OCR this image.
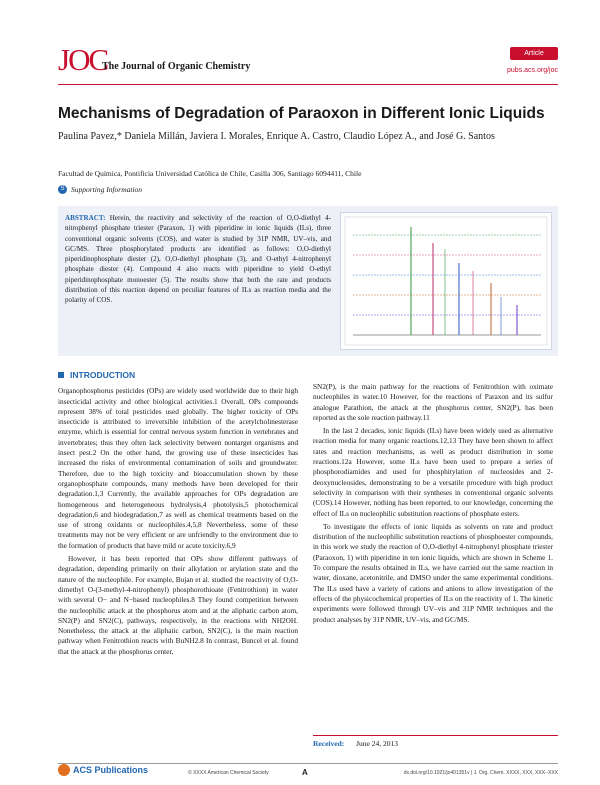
JOC
The Journal of Organic Chemistry
Article
pubs.acs.org/joc
Mechanisms of Degradation of Paraoxon in Different Ionic Liquids
Paulina Pavez,* Daniela Millán, Javiera I. Morales, Enrique A. Castro, Claudio López A., and José G. Santos
Facultad de Química, Pontificia Universidad Católica de Chile, Casilla 306, Santiago 6094411, Chile
S Supporting Information
ABSTRACT: Herein, the reactivity and selectivity of the reaction of O,O-diethyl 4-nitrophenyl phosphate triester (Paraxon, 1) with piperidine in ionic liquids (ILs), three conventional organic solvents (COS), and water is studied by 31P NMR, UV–vis, and GC/MS. Three phosphorylated products are identified as follows: O,O-diethyl piperidinophosphate diester (2), O,O-diethyl phosphate (3), and O-ethyl 4-nitrophenyl phosphate diester (4). Compound 4 also reacts with piperidine to yield O-ethyl piperidinophosphate monoester (5). The results show that both the rate and products distribution of this reaction depend on peculiar features of ILs as reaction media and the polarity of COS.
INTRODUCTION

Organophosphorus pesticides (OPs) are widely used worldwide due to their high insecticidal activity and other biological activities.1 Overall, OPs compounds represent 38% of total pesticides used globally. The higher toxicity of OPs insecticide is attributed to irreversible inhibition of the acetylcholinesterase enzyme, which is essential for central nervous system function in vertebrates and invertebrates; thus they often lack selectivity between nontarget organisms and insect pest.2 On the other hand, the growing use of these insecticides has increased the risks of environmental contamination of soils and groundwater. Therefore, due to the high toxicity and bioaccumulation shown by these organophosphate compounds, many methods have been developed for their degradation.1,3 Currently, the available approaches for OPs degradation are homogeneous and heterogeneous hydrolysis,4 photolysis,5 photochemical degradation,6 and biodegradation,7 as well as chemical treatments based on the use of strong oxidants or nucleophiles.4,5,8 Nevertheless, some of these treatments may not be very efficient or are unfriendly to the environment due to the formation of products that have mild or acute toxicity.6,9

However, it has been reported that OPs show different pathways of degradation, depending primarily on their alkylation or arylation state and the nature of the nucleophile. For example, Bujan et al. studied the reactivity of O,O-dimethyl O-(3-methyl-4-nitrophenyl) phosphorothioate (Fenitrothion) in water with several O− and N−based nucleophiles.8 They found competition between the nucleophilic attack at the phosphorus atom and at the aliphatic carbon atom, SN2(P) and SN2(C), pathways, respectively, in the reactions with NH2OH. Nonetheless, the attack at the aliphatic carbon, SN2(C), is the main reaction pathway when Fenitrothion reacts with BuNH2.8 In contrast, Buncel et al. found that the attack at the phosphorus center,

SN2(P), is the main pathway for the reactions of Fenitrothion with oximate nucleophiles in water.10 However, for the reactions of Paraxon and its sulfur analogue Parathion, the attack at the phosphorus center, SN2(P), has been reported as the sole reaction pathway.11

In the last 2 decades, ionic liquids (ILs) have been widely used as alternative reaction media for many organic reactions.12,13 They have been shown to affect rates and reaction mechanisms, as well as product distribution in some reactions.12a However, some ILs have been used to prepare a series of phosphorodiamides and used for phosphitylation of nucleosides and 2-deoxynucleosides, demonstrating to be a versatile procedure with high product selectivity in comparison with their syntheses in conventional organic solvents (COS).14 However, nothing has been reported, to our knowledge, concerning the effect of ILs on nucleophilic substitution reactions of phosphate esters.

To investigate the effects of ionic liquids as solvents on rate and product distribution of the nucleophilic substitution reactions of phosphoester compounds, in this work we study the reaction of O,O-diethyl 4-nitrophenyl phosphate triester (Paraoxon, 1) with piperidine in ten ionic liquids, which are shown in Scheme 1. To compare the results obtained in ILs, we have carried out the same reaction in water, dioxane, acetonitrile, and DMSO under the same experimental conditions. The ILs used have a variety of cations and anions to allow investigation of the effects of the physicochemical properties of ILs on the reactivity of 1. The kinetic experiments were followed through UV–vis and 31P NMR techniques and the product analyses by 31P NMR, UV–vis, and GC/MS.

Received: June 24, 2013
ACS Publications	© XXXX American Chemical Society	A	dx.doi.org/10.1021/jo401351v | J. Org. Chem. XXXX, XXX, XXX−XXX
